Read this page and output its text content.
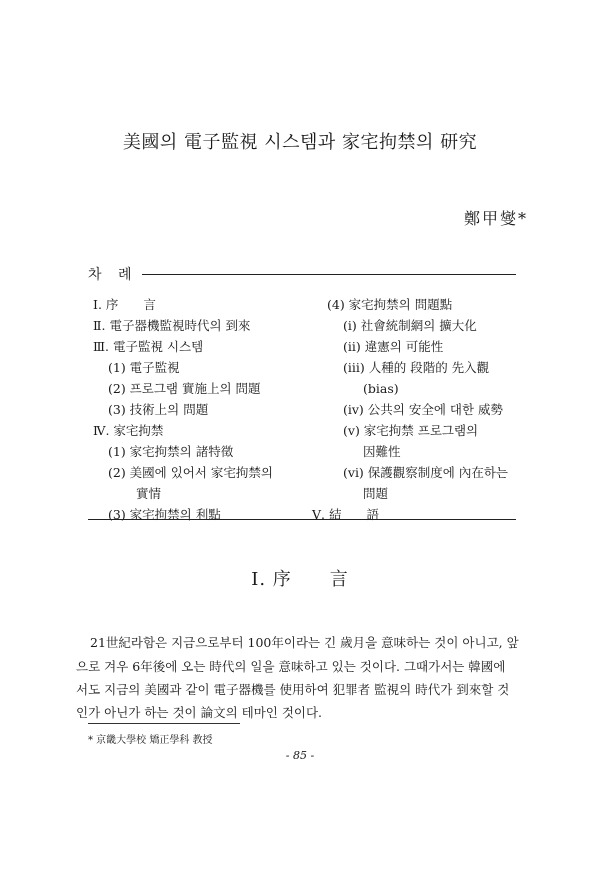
美國의 電子監視 시스템과 家宅拘禁의 研究
鄭甲燮*
차 례
Ⅰ. 序　　言
Ⅱ. 電子器機監視時代의 到來
Ⅲ. 電子監視 시스템
(1) 電子監視
(2) 프로그램 實施上의 問題
(3) 技術上의 問題
Ⅳ. 家宅拘禁
(1) 家宅拘禁의 諸特徵
(2) 美國에 있어서 家宅拘禁의
實情
(3) 家宅拘禁의 利點
(4) 家宅拘禁의 問題點
(i) 社會統制網의 擴大化
(ii) 違憲의 可能性
(iii) 人種的 段階的 先入觀
(bias)
(iv) 公共의 安全에 대한 威勢
(v) 家宅拘禁 프로그램의
因難性
(vi) 保護觀察制度에 內在하는
問題
Ⅴ. 結　　語
Ⅰ. 序　　言
21世紀라함은 지금으로부터 100年이라는 긴 歲月을 意味하는 것이 아니고, 앞
으로 겨우 6年後에 오는 時代의 일을 意味하고 있는 것이다. 그때가서는 韓國에
서도 지금의 美國과 같이 電子器機를 使用하여 犯罪者 監視의 時代가 到來할 것
인가 아닌가 하는 것이 論文의 테마인 것이다.
* 京畿大學校 矯正學科 教授
- 85 -
